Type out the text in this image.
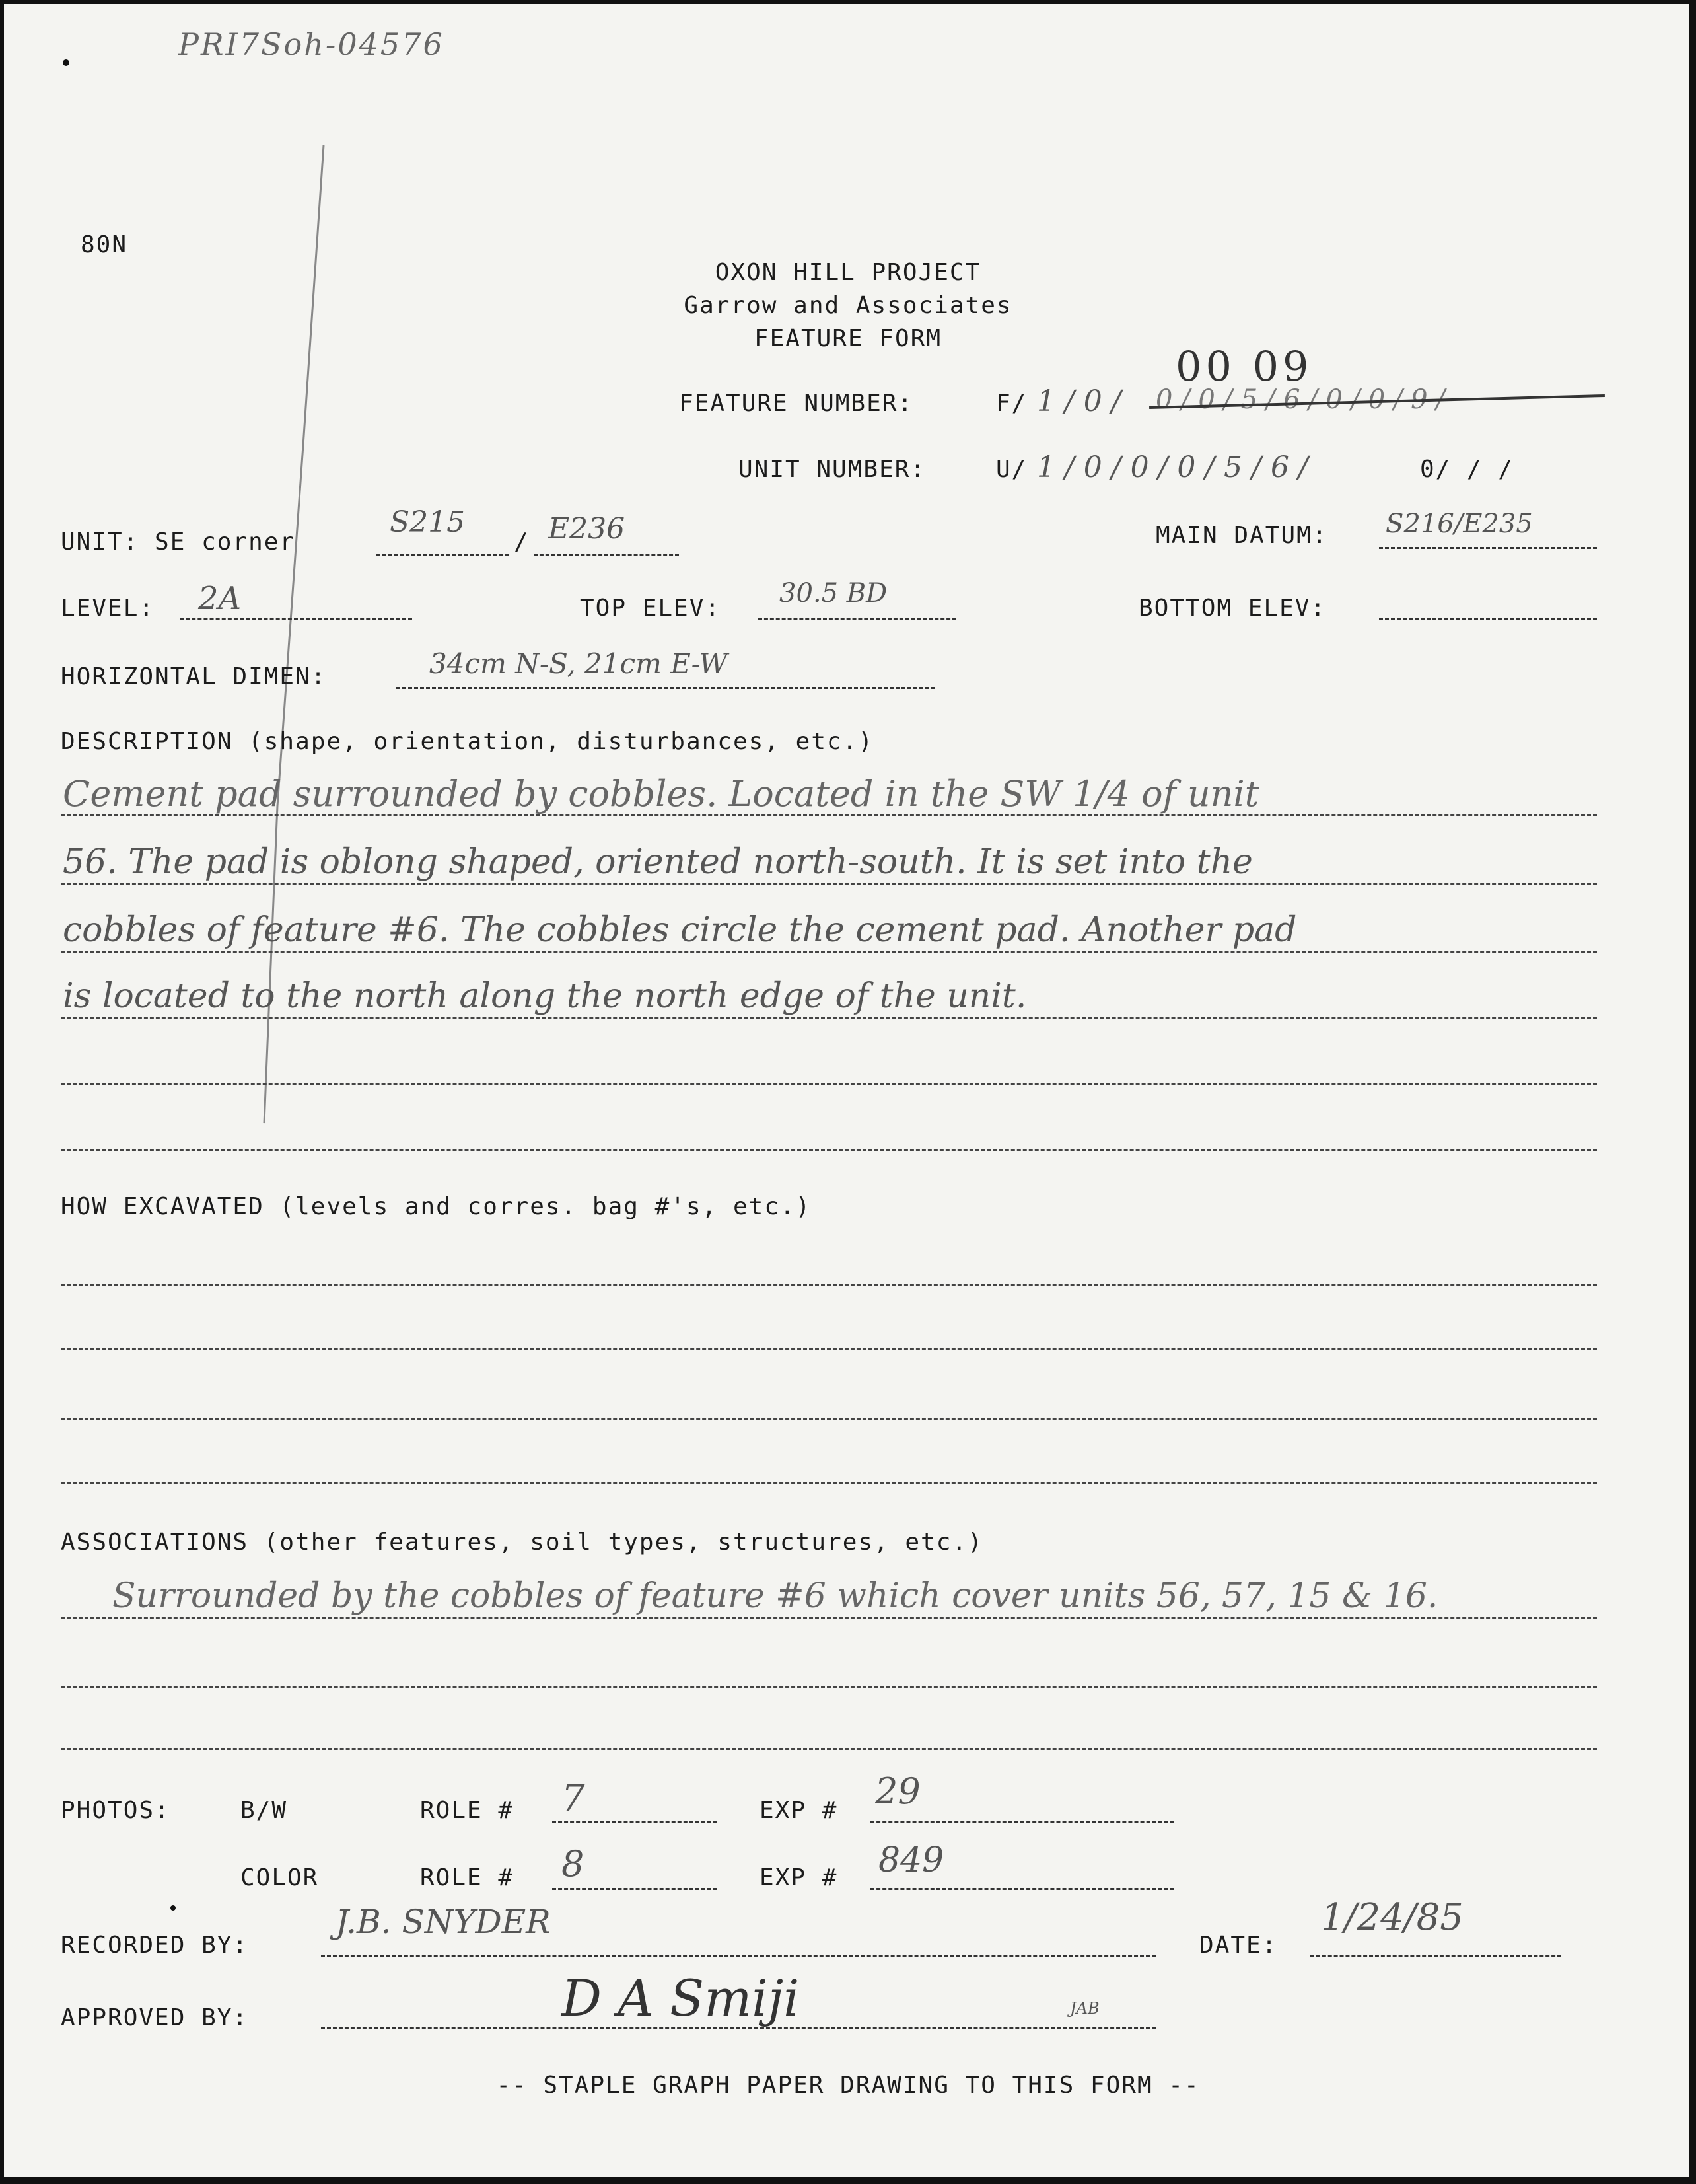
PRI7Soh-04576
80N
OXON HILL PROJECT
Garrow and Associates
FEATURE FORM
FEATURE NUMBER:	F/ 1 / 0 / 0 / 0 / 5 / 6 / 0 / 0 / 9 /
00 09
UNIT NUMBER:	U/ 1 / 0 / 0 / 0 / 5 / 6 /	0/ / /
UNIT: SE corner
S215
/ E236	MAIN DATUM: S216/E235
LEVEL: 2A	TOP ELEV: 30.5 BD	BOTTOM ELEV:
HORIZONTAL DIMEN:	34cm N-S, 21cm E-W
DESCRIPTION (shape, orientation, disturbances, etc.)
Cement pad surrounded by cobbles. Located in the SW 1/4 of unit
56. The pad is oblong shaped, oriented north-south. It is set into the
cobbles of feature #6. The cobbles circle the cement pad. Another pad
is located to the north along the north edge of the unit.
HOW EXCAVATED (levels and corres. bag #'s, etc.)
ASSOCIATIONS (other features, soil types, structures, etc.)
Surrounded by the cobbles of feature #6 which cover units 56, 57, 15 & 16.
PHOTOS:	B/W	ROLE # 7	EXP # 29
COLOR	ROLE # 8	EXP # 849
RECORDED BY:
J.B. SNYDER
DATE:
1/24/85
APPROVED BY:	D A Smiji	JAB
-- STAPLE GRAPH PAPER DRAWING TO THIS FORM --
